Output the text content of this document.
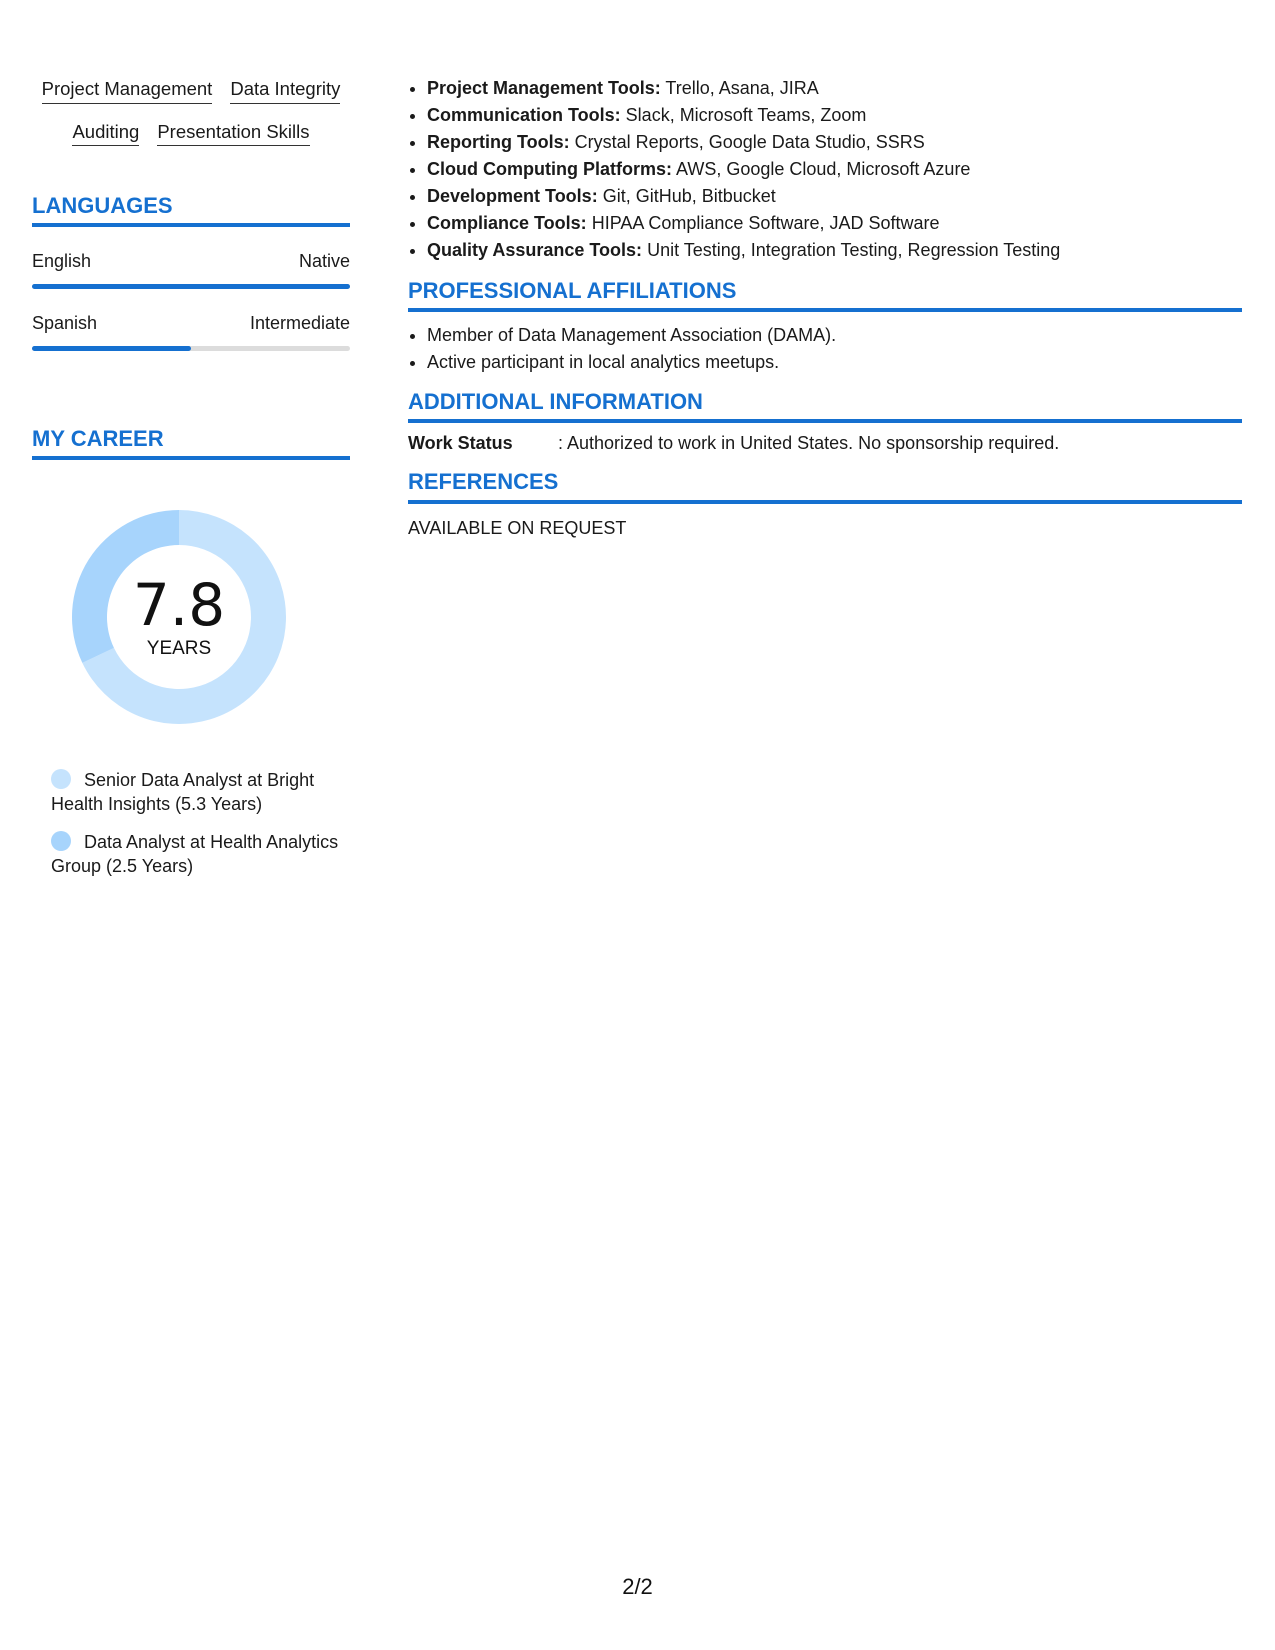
Project Management Data Integrity
Auditing Presentation Skills
LANGUAGES
English	Native
Spanish	Intermediate
MY CAREER
7.8
YEARS
Senior Data Analyst at Bright Health Insights (5.3 Years)
Data Analyst at Health Analytics Group (2.5 Years)
• Project Management Tools: Trello, Asana, JIRA
• Communication Tools: Slack, Microsoft Teams, Zoom
• Reporting Tools: Crystal Reports, Google Data Studio, SSRS
• Cloud Computing Platforms: AWS, Google Cloud, Microsoft Azure
• Development Tools: Git, GitHub, Bitbucket
• Compliance Tools: HIPAA Compliance Software, JAD Software
• Quality Assurance Tools: Unit Testing, Integration Testing, Regression Testing
PROFESSIONAL AFFILIATIONS
• Member of Data Management Association (DAMA).
• Active participant in local analytics meetups.
ADDITIONAL INFORMATION
Work Status	: Authorized to work in United States. No sponsorship required.
REFERENCES
AVAILABLE ON REQUEST
2/2
